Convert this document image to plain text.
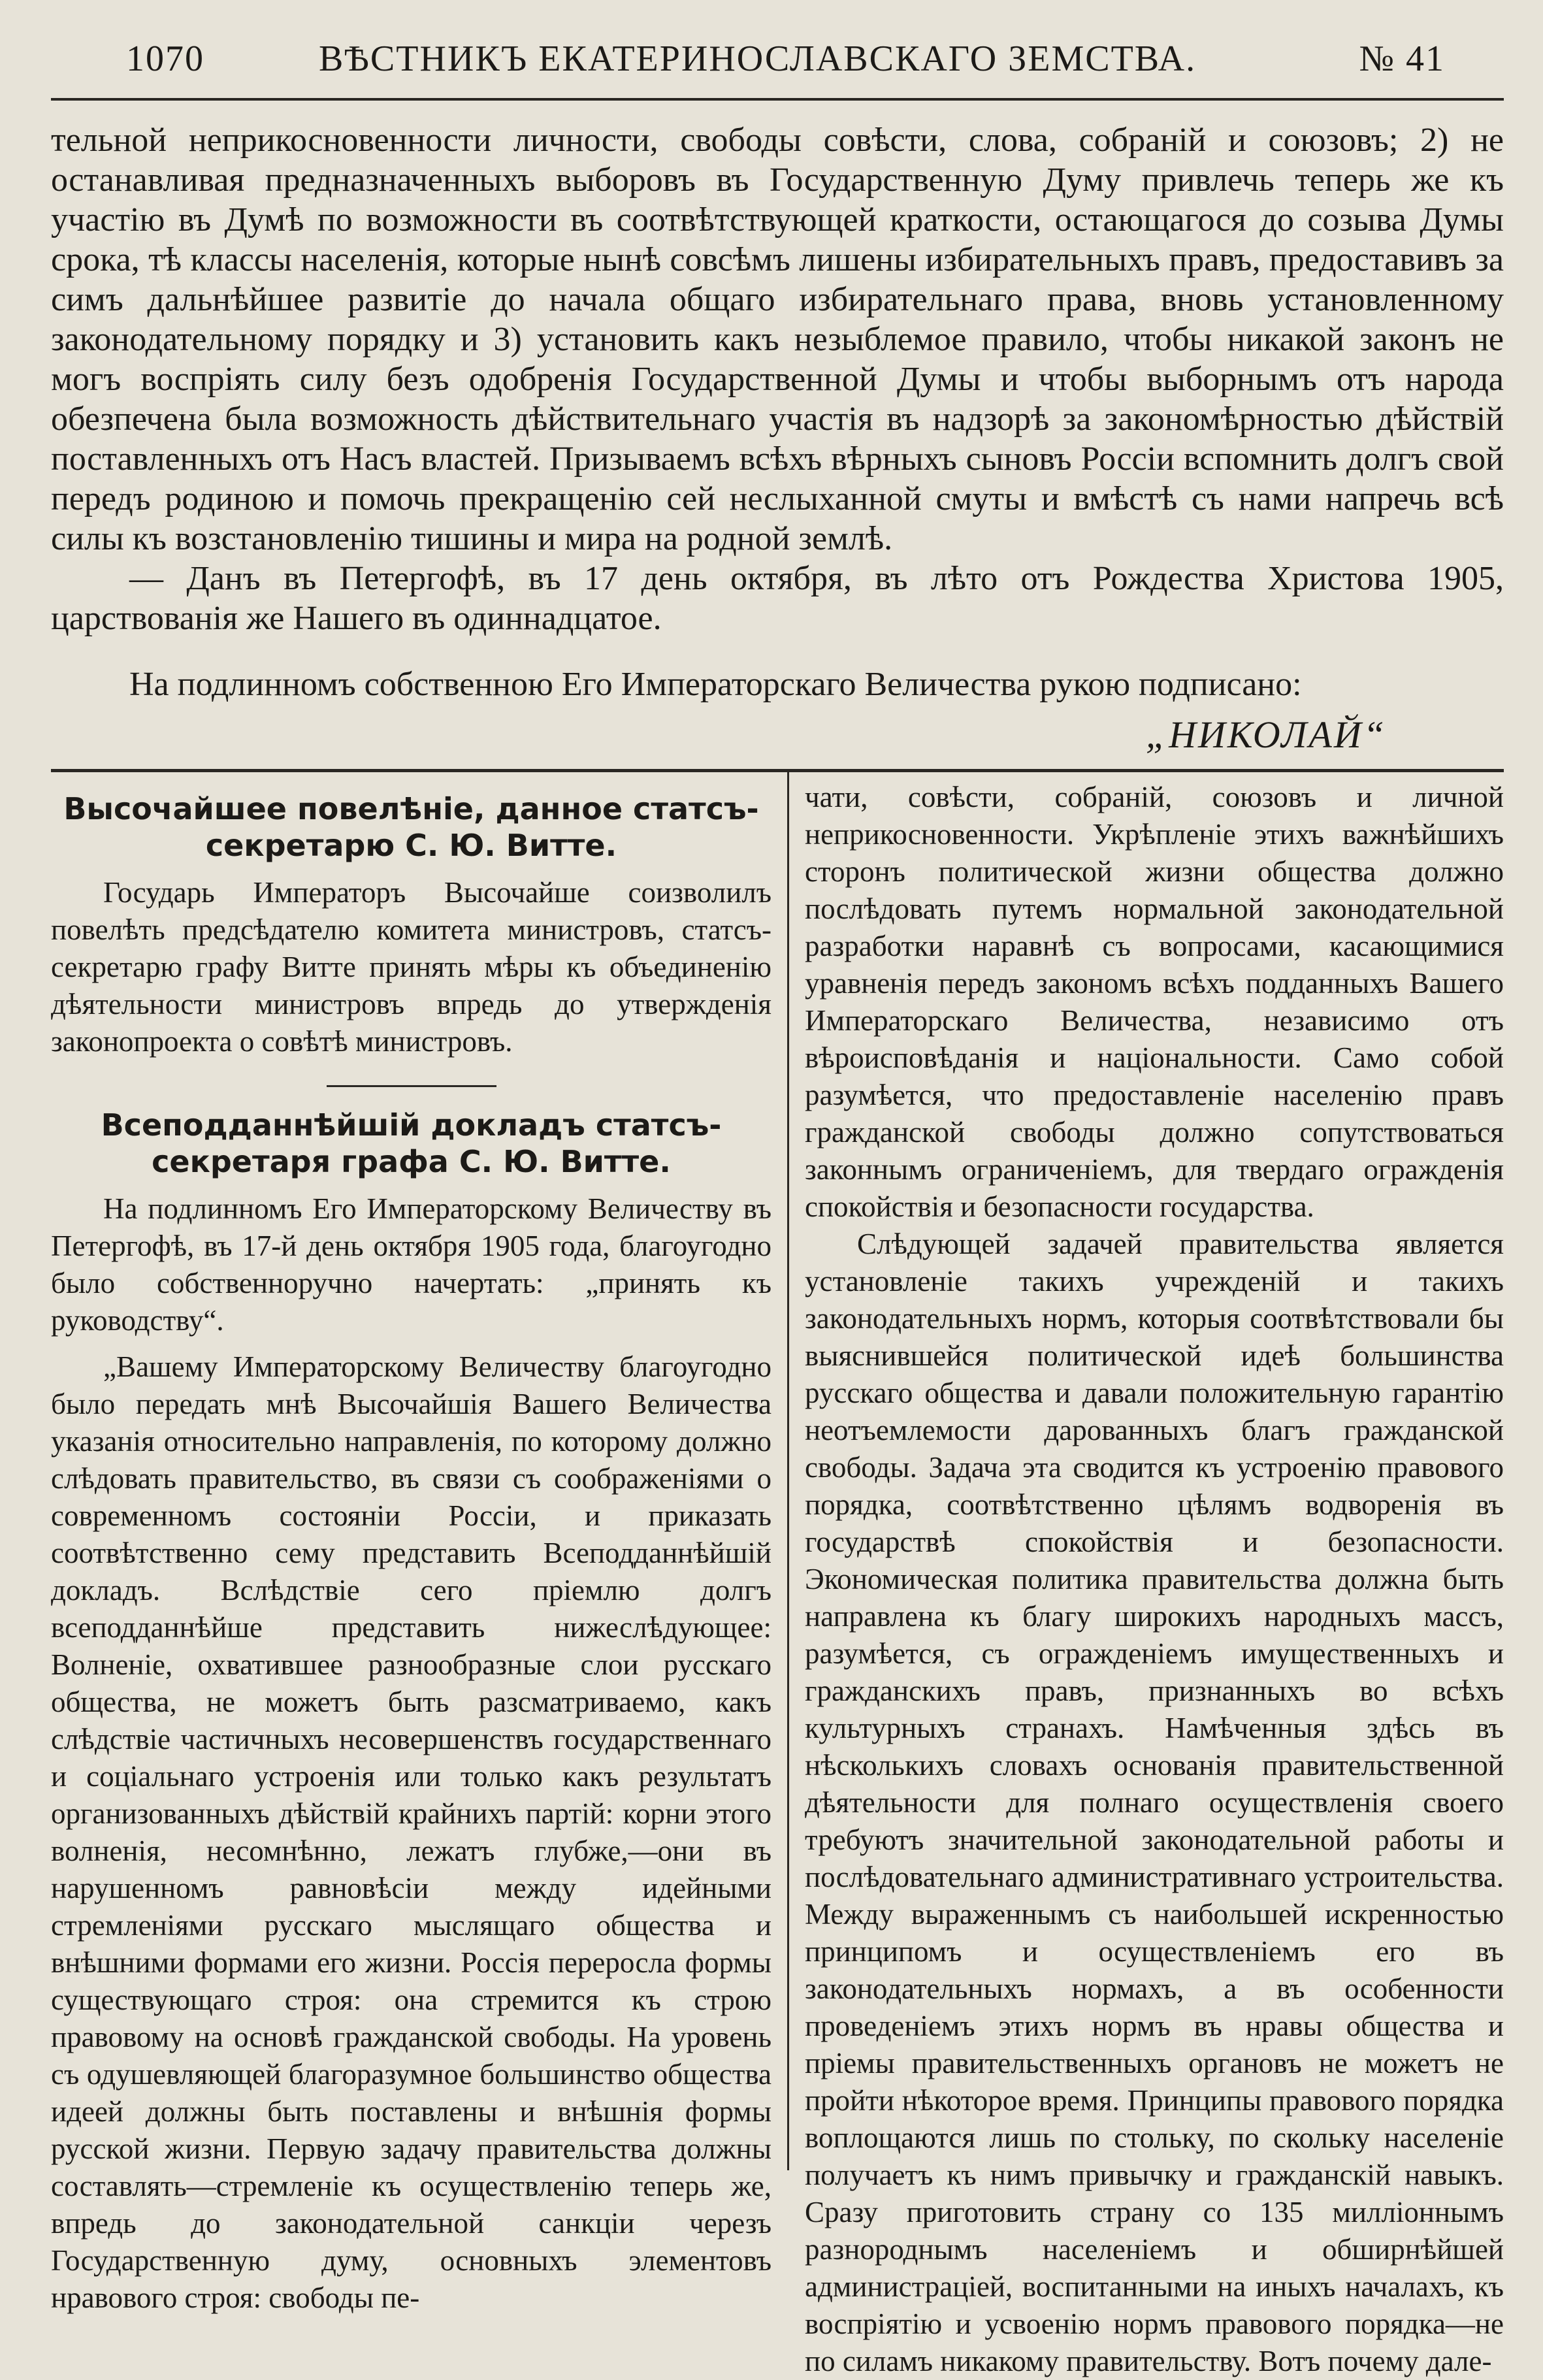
1070	ВѢСТНИКЪ ЕКАТЕРИНОСЛАВСКАГО ЗЕМСТВА.	№ 41

тельной неприкосновенности личности, свободы совѣсти, слова, собраній и союзовъ; 2) не останавливая предназначенныхъ выборовъ въ Государственную Думу привлечь теперь же къ участію въ Думѣ по возможности въ соотвѣтствующей краткости, остающагося до созыва Думы срока, тѣ классы населенія, которые нынѣ совсѣмъ лишены избирательныхъ правъ, предоставивъ за симъ дальнѣйшее развитіе до начала общаго избирательнаго права, вновь установленному законодательному порядку и 3) установить какъ незыблемое правило, чтобы никакой законъ не могъ воспріять силу безъ одобренія Государственной Думы и чтобы выборнымъ отъ народа обезпечена была возможность дѣйствительнаго участія въ надзорѣ за закономѣрностью дѣйствій поставленныхъ отъ Насъ властей. Призываемъ всѣхъ вѣрныхъ сыновъ Россіи вспомнить долгъ свой передъ родиною и помочь прекращенію сей неслыханной смуты и вмѣстѣ съ нами напречь всѣ силы къ возстановленію тишины и мира на родной землѣ.

— Данъ въ Петергофѣ, въ 17 день октября, въ лѣто отъ Рождества Христова 1905, царствованія же Нашего въ одиннадцатое.

На подлинномъ собственною Его Императорскаго Величества рукою подписано:

„НИКОЛАЙ“

Высочайшее повелѣніе, данное статсъ-секретарю С. Ю. Витте.

Государь Императоръ Высочайше соизволилъ повелѣть предсѣдателю комитета министровъ, статсъ-секретарю графу Витте принять мѣры къ объединенію дѣятельности министровъ впредь до утвержденія законопроекта о совѣтѣ министровъ.

Всеподданнѣйшій докладъ статсъ-секретаря графа С. Ю. Витте.

На подлинномъ Его Императорскому Величеству въ Петергофѣ, въ 17-й день октября 1905 года, благоугодно было собственноручно начертать: „принять къ руководству“.

„Вашему Императорскому Величеству благоугодно было передать мнѣ Высочайшія Вашего Величества указанія относительно направленія, по которому должно слѣдовать правительство, въ связи съ соображеніями о современномъ состояніи Россіи, и приказать соотвѣтственно сему представить Всеподданнѣйшій докладъ. Вслѣдствіе сего пріемлю долгъ всеподданнѣйше представить нижеслѣдующее: Волненіе, охватившее разнообразные слои русскаго общества, не можетъ быть разсматриваемо, какъ слѣдствіе частичныхъ несовершенствъ государственнаго и соціальнаго устроенія или только какъ результатъ организованныхъ дѣйствій крайнихъ партій: корни этого волненія, несомнѣнно, лежатъ глубже,—они въ нарушенномъ равновѣсіи между идейными стремленіями русскаго мыслящаго общества и внѣшними формами его жизни. Россія переросла формы существующаго строя: она стремится къ строю правовому на основѣ гражданской свободы. На уровень съ одушевляющей благоразумное большинство общества идеей должны быть поставлены и внѣшнія формы русской жизни. Первую задачу правительства должны составлять—стремленіе къ осуществленію теперь же, впредь до законодательной санкціи черезъ Государственную думу, основныхъ элементовъ нравового строя: свободы пе-

чати, совѣсти, собраній, союзовъ и личной неприкосновенности. Укрѣпленіе этихъ важнѣйшихъ сторонъ политической жизни общества должно послѣдовать путемъ нормальной законодательной разработки наравнѣ съ вопросами, касающимися уравненія передъ закономъ всѣхъ подданныхъ Вашего Императорскаго Величества, независимо отъ вѣроисповѣданія и національности. Само собой разумѣется, что предоставленіе населенію правъ гражданской свободы должно сопутствоваться законнымъ ограниченіемъ, для твердаго огражденія спокойствія и безопасности государства.

Слѣдующей задачей правительства является установленіе такихъ учрежденій и такихъ законодательныхъ нормъ, которыя соотвѣтствовали бы выяснившейся политической идеѣ большинства русскаго общества и давали положительную гарантію неотъемлемости дарованныхъ благъ гражданской свободы. Задача эта сводится къ устроенію правового порядка, соотвѣтственно цѣлямъ водворенія въ государствѣ спокойствія и безопасности. Экономическая политика правительства должна быть направлена къ благу широкихъ народныхъ массъ, разумѣется, съ огражденіемъ имущественныхъ и гражданскихъ правъ, признанныхъ во всѣхъ культурныхъ странахъ. Намѣченныя здѣсь въ нѣсколькихъ словахъ основанія правительственной дѣятельности для полнаго осуществленія своего требуютъ значительной законодательной работы и послѣдовательнаго административнаго устроительства. Между выраженнымъ съ наибольшей искренностью принципомъ и осуществленіемъ его въ законодательныхъ нормахъ, а въ особенности проведеніемъ этихъ нормъ въ нравы общества и пріемы правительственныхъ органовъ не можетъ не пройти нѣкоторое время. Принципы правового порядка воплощаются лишь по стольку, по скольку населеніе получаетъ къ нимъ привычку и гражданскій навыкъ. Сразу приготовить страну со 135 милліоннымъ разнороднымъ населеніемъ и обширнѣйшей администраціей, воспитанными на иныхъ началахъ, къ воспріятію и усвоенію нормъ правового порядка—не по силамъ никакому правительству. Вотъ почему дале-
